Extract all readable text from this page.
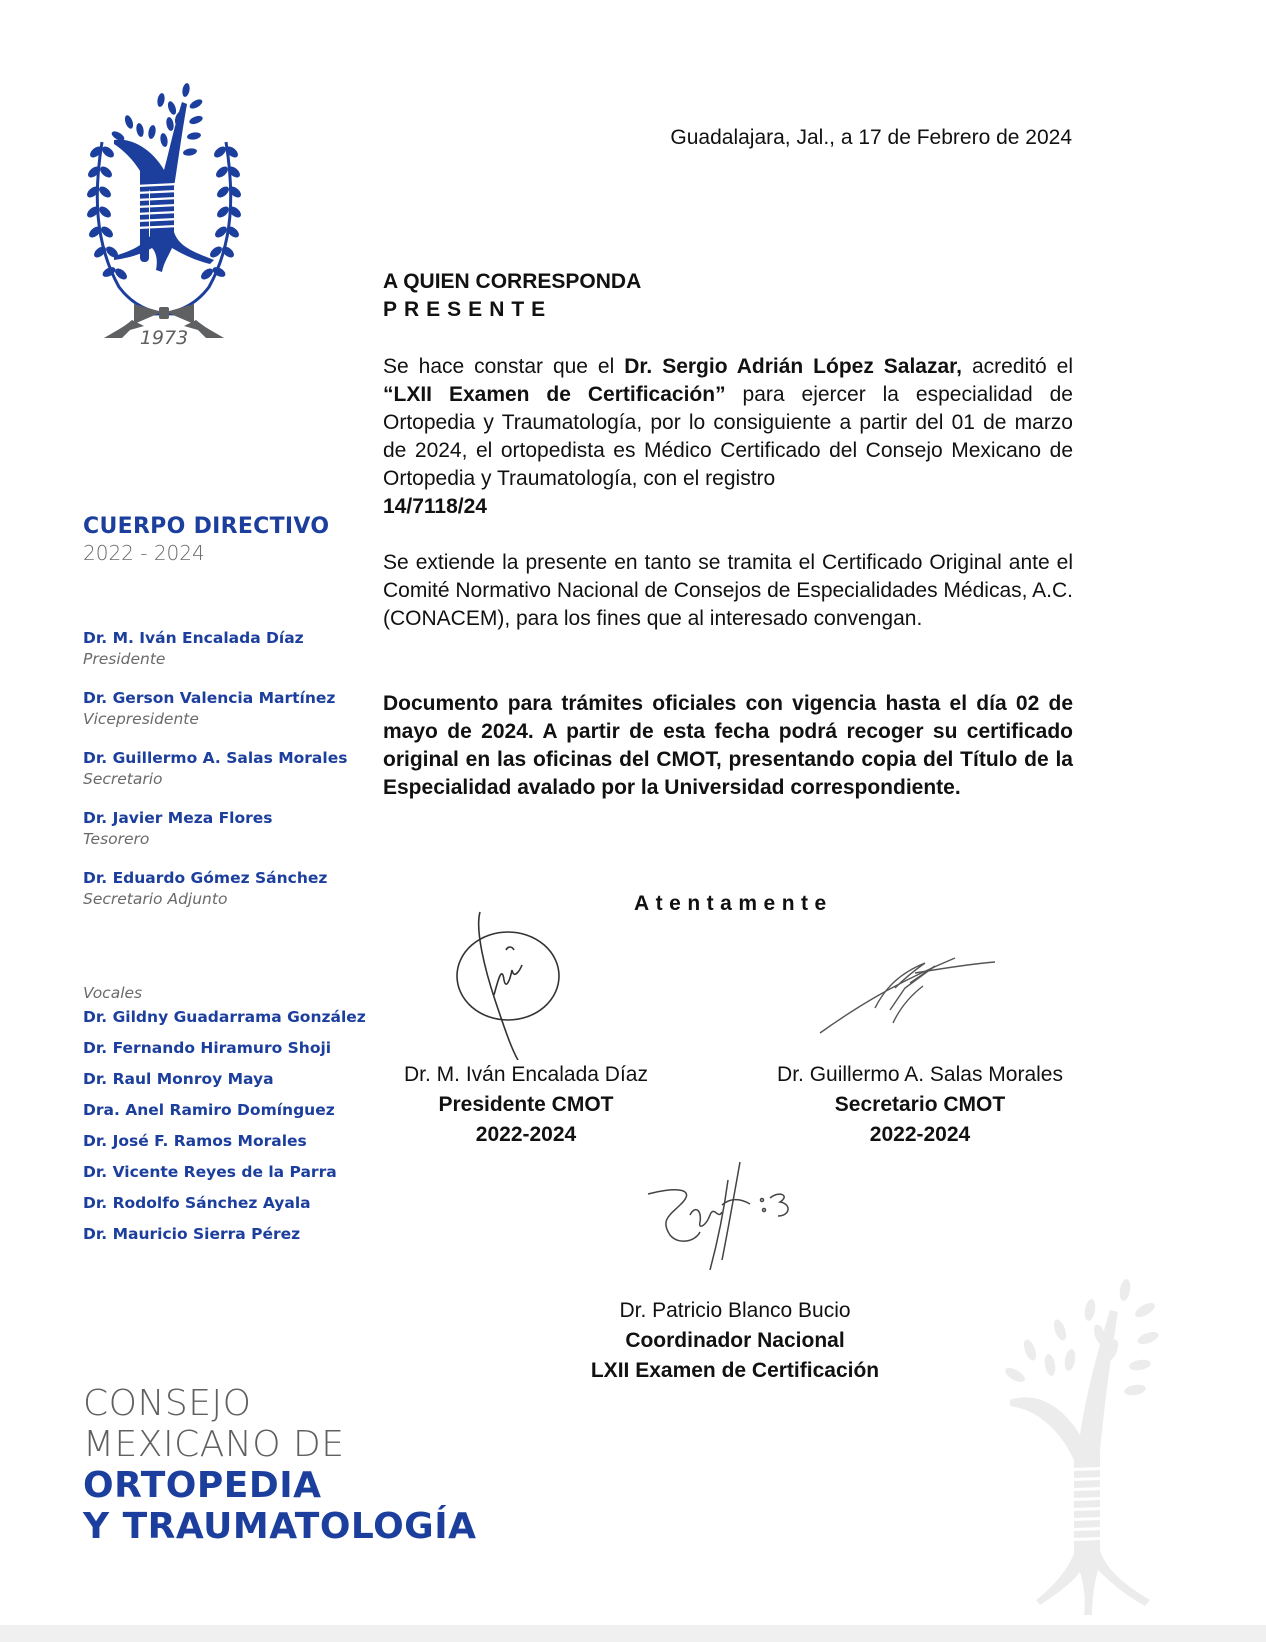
1973
CUERPO DIRECTIVO
2022 - 2024
Dr. M. Iván Encalada Díaz
Presidente
Dr. Gerson Valencia Martínez
Vicepresidente
Dr. Guillermo A. Salas Morales
Secretario
Dr. Javier Meza Flores
Tesorero
Dr. Eduardo Gómez Sánchez
Secretario Adjunto
Vocales
Dr. Gildny Guadarrama González
Dr. Fernando Hiramuro Shoji
Dr. Raul Monroy Maya
Dra. Anel Ramiro Domínguez
Dr. José F. Ramos Morales
Dr. Vicente Reyes de la Parra
Dr. Rodolfo Sánchez Ayala
Dr. Mauricio Sierra Pérez
CONSEJO
MEXICANO DE
ORTOPEDIA
Y TRAUMATOLOGÍA
Guadalajara, Jal., a 17 de Febrero de 2024
A QUIEN CORRESPONDA
PRESENTE
Se hace constar que el Dr. Sergio Adrián López Salazar, acreditó el “LXII Examen de Certificación” para ejercer la especialidad de Ortopedia y Traumatología, por lo consiguiente a partir del 01 de marzo de 2024, el ortopedista es Médico Certificado del Consejo Mexicano de Ortopedia y Traumatología, con el registro
14/7118/24
Se extiende la presente en tanto se tramita el Certificado Original ante el Comité Normativo Nacional de Consejos de Especialidades Médicas, A.C. (CONACEM), para los fines que al interesado convengan.
Documento para trámites oficiales con vigencia hasta el día 02 de mayo de 2024. A partir de esta fecha podrá recoger su certificado original en las oficinas del CMOT, presentando copia del Título de la Especialidad avalado por la Universidad correspondiente.
Atentamente
Dr. M. Iván Encalada Díaz
Presidente CMOT
2022-2024
Dr. Guillermo A. Salas Morales
Secretario CMOT
2022-2024
Dr. Patricio Blanco Bucio
Coordinador Nacional
LXII Examen de Certificación
